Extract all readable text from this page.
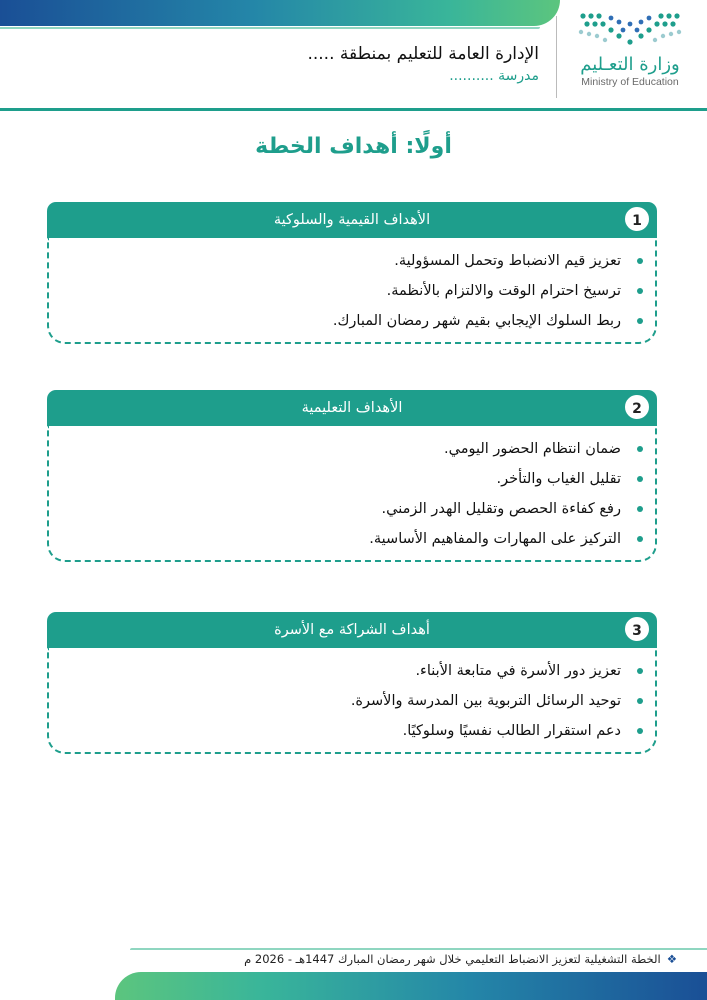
وزارة التعـليم
Ministry of Education
الإدارة العامة للتعليم بمنطقة .....
مدرسة ..........
أولًا: أهداف الخطة
الأهداف القيمية والسلوكية	1
تعزيز قيم الانضباط وتحمل المسؤولية.
ترسيخ احترام الوقت والالتزام بالأنظمة.
ربط السلوك الإيجابي بقيم شهر رمضان المبارك.
الأهداف التعليمية	2
ضمان انتظام الحضور اليومي.
تقليل الغياب والتأخر.
رفع كفاءة الحصص وتقليل الهدر الزمني.
التركيز على المهارات والمفاهيم الأساسية.
أهداف الشراكة مع الأسرة	3
تعزيز دور الأسرة في متابعة الأبناء.
توحيد الرسائل التربوية بين المدرسة والأسرة.
دعم استقرار الطالب نفسيًا وسلوكيًا.
❖الخطة التشغيلية لتعزيز الانضباط التعليمي خلال شهر رمضان المبارك 1447هـ - 2026 م
